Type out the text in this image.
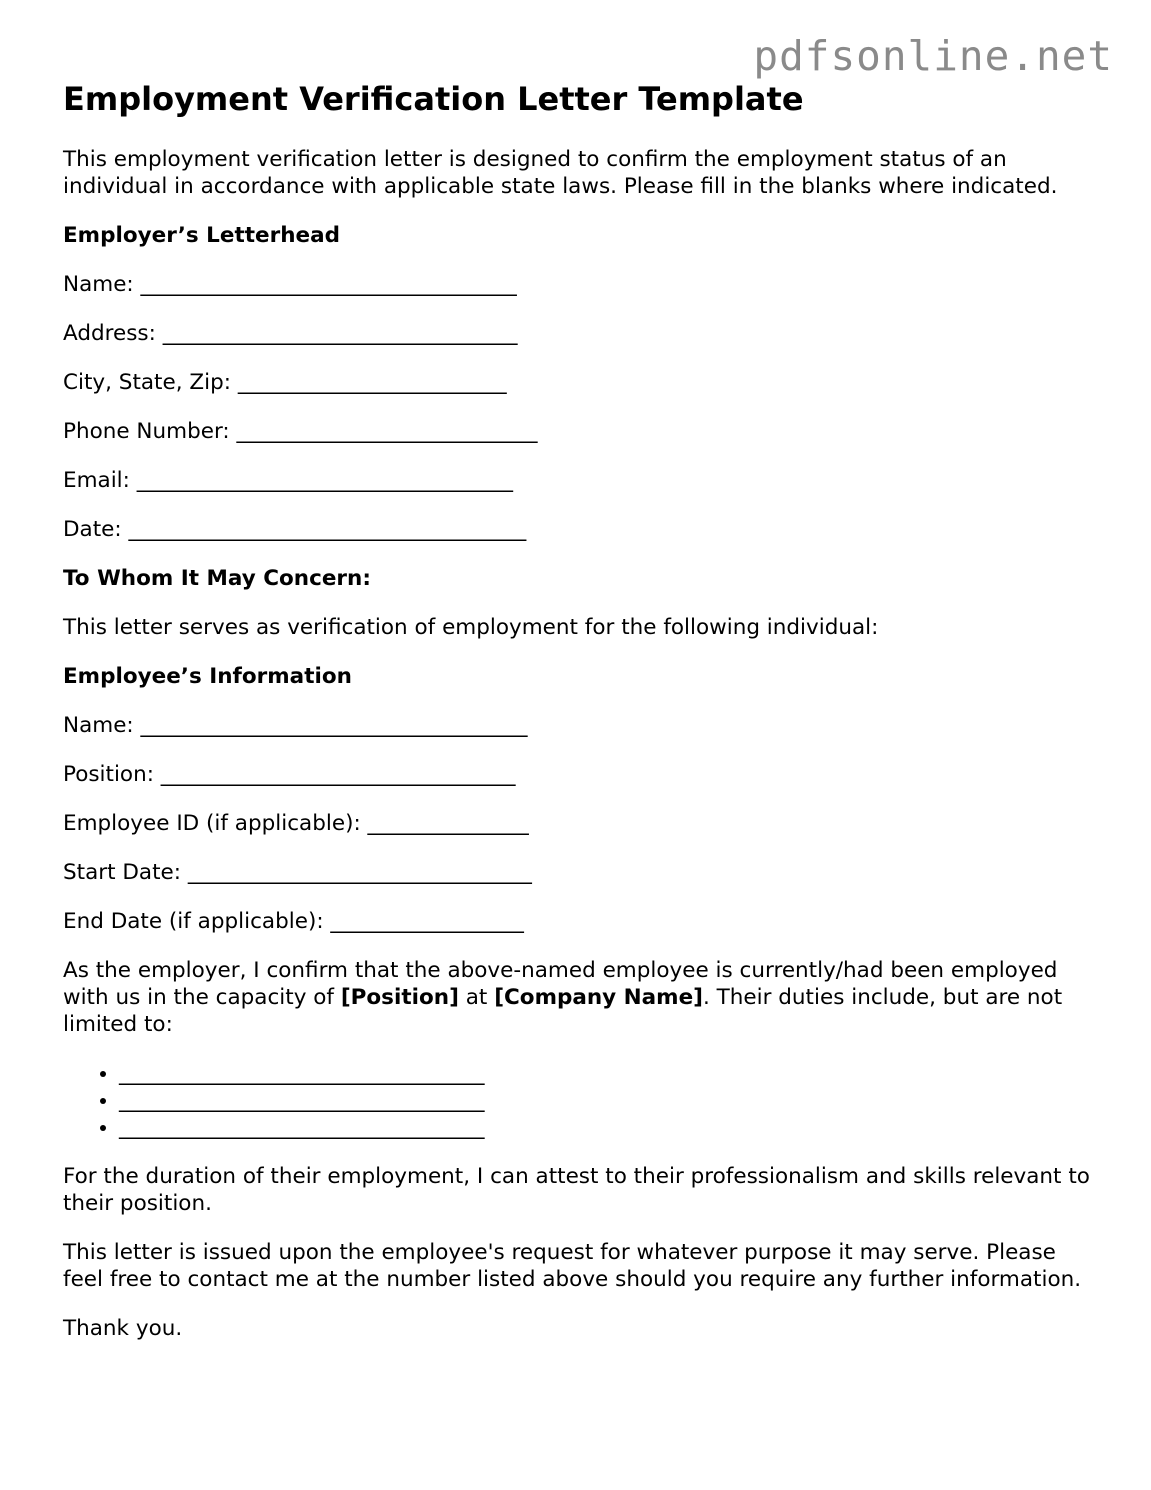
pdfsonline.net
Employment Verification Letter Template

This employment verification letter is designed to confirm the employment status of an individual in accordance with applicable state laws. Please fill in the blanks where indicated.

Employer’s Letterhead
Name: ___________________________________
Address: _________________________________
City, State, Zip: _________________________
Phone Number: ____________________________
Email: ___________________________________
Date: _____________________________________
To Whom It May Concern:

This letter serves as verification of employment for the following individual:

Employee’s Information
Name: ____________________________________
Position: _________________________________
Employee ID (if applicable): _______________
Start Date: ________________________________
End Date (if applicable): __________________

As the employer, I confirm that the above-named employee is currently/had been employed with us in the capacity of [Position] at [Company Name]. Their duties include, but are not limited to:

• __________________________________
• __________________________________
• __________________________________

For the duration of their employment, I can attest to their professionalism and skills relevant to their position.

This letter is issued upon the employee's request for whatever purpose it may serve. Please feel free to contact me at the number listed above should you require any further information.

Thank you.
